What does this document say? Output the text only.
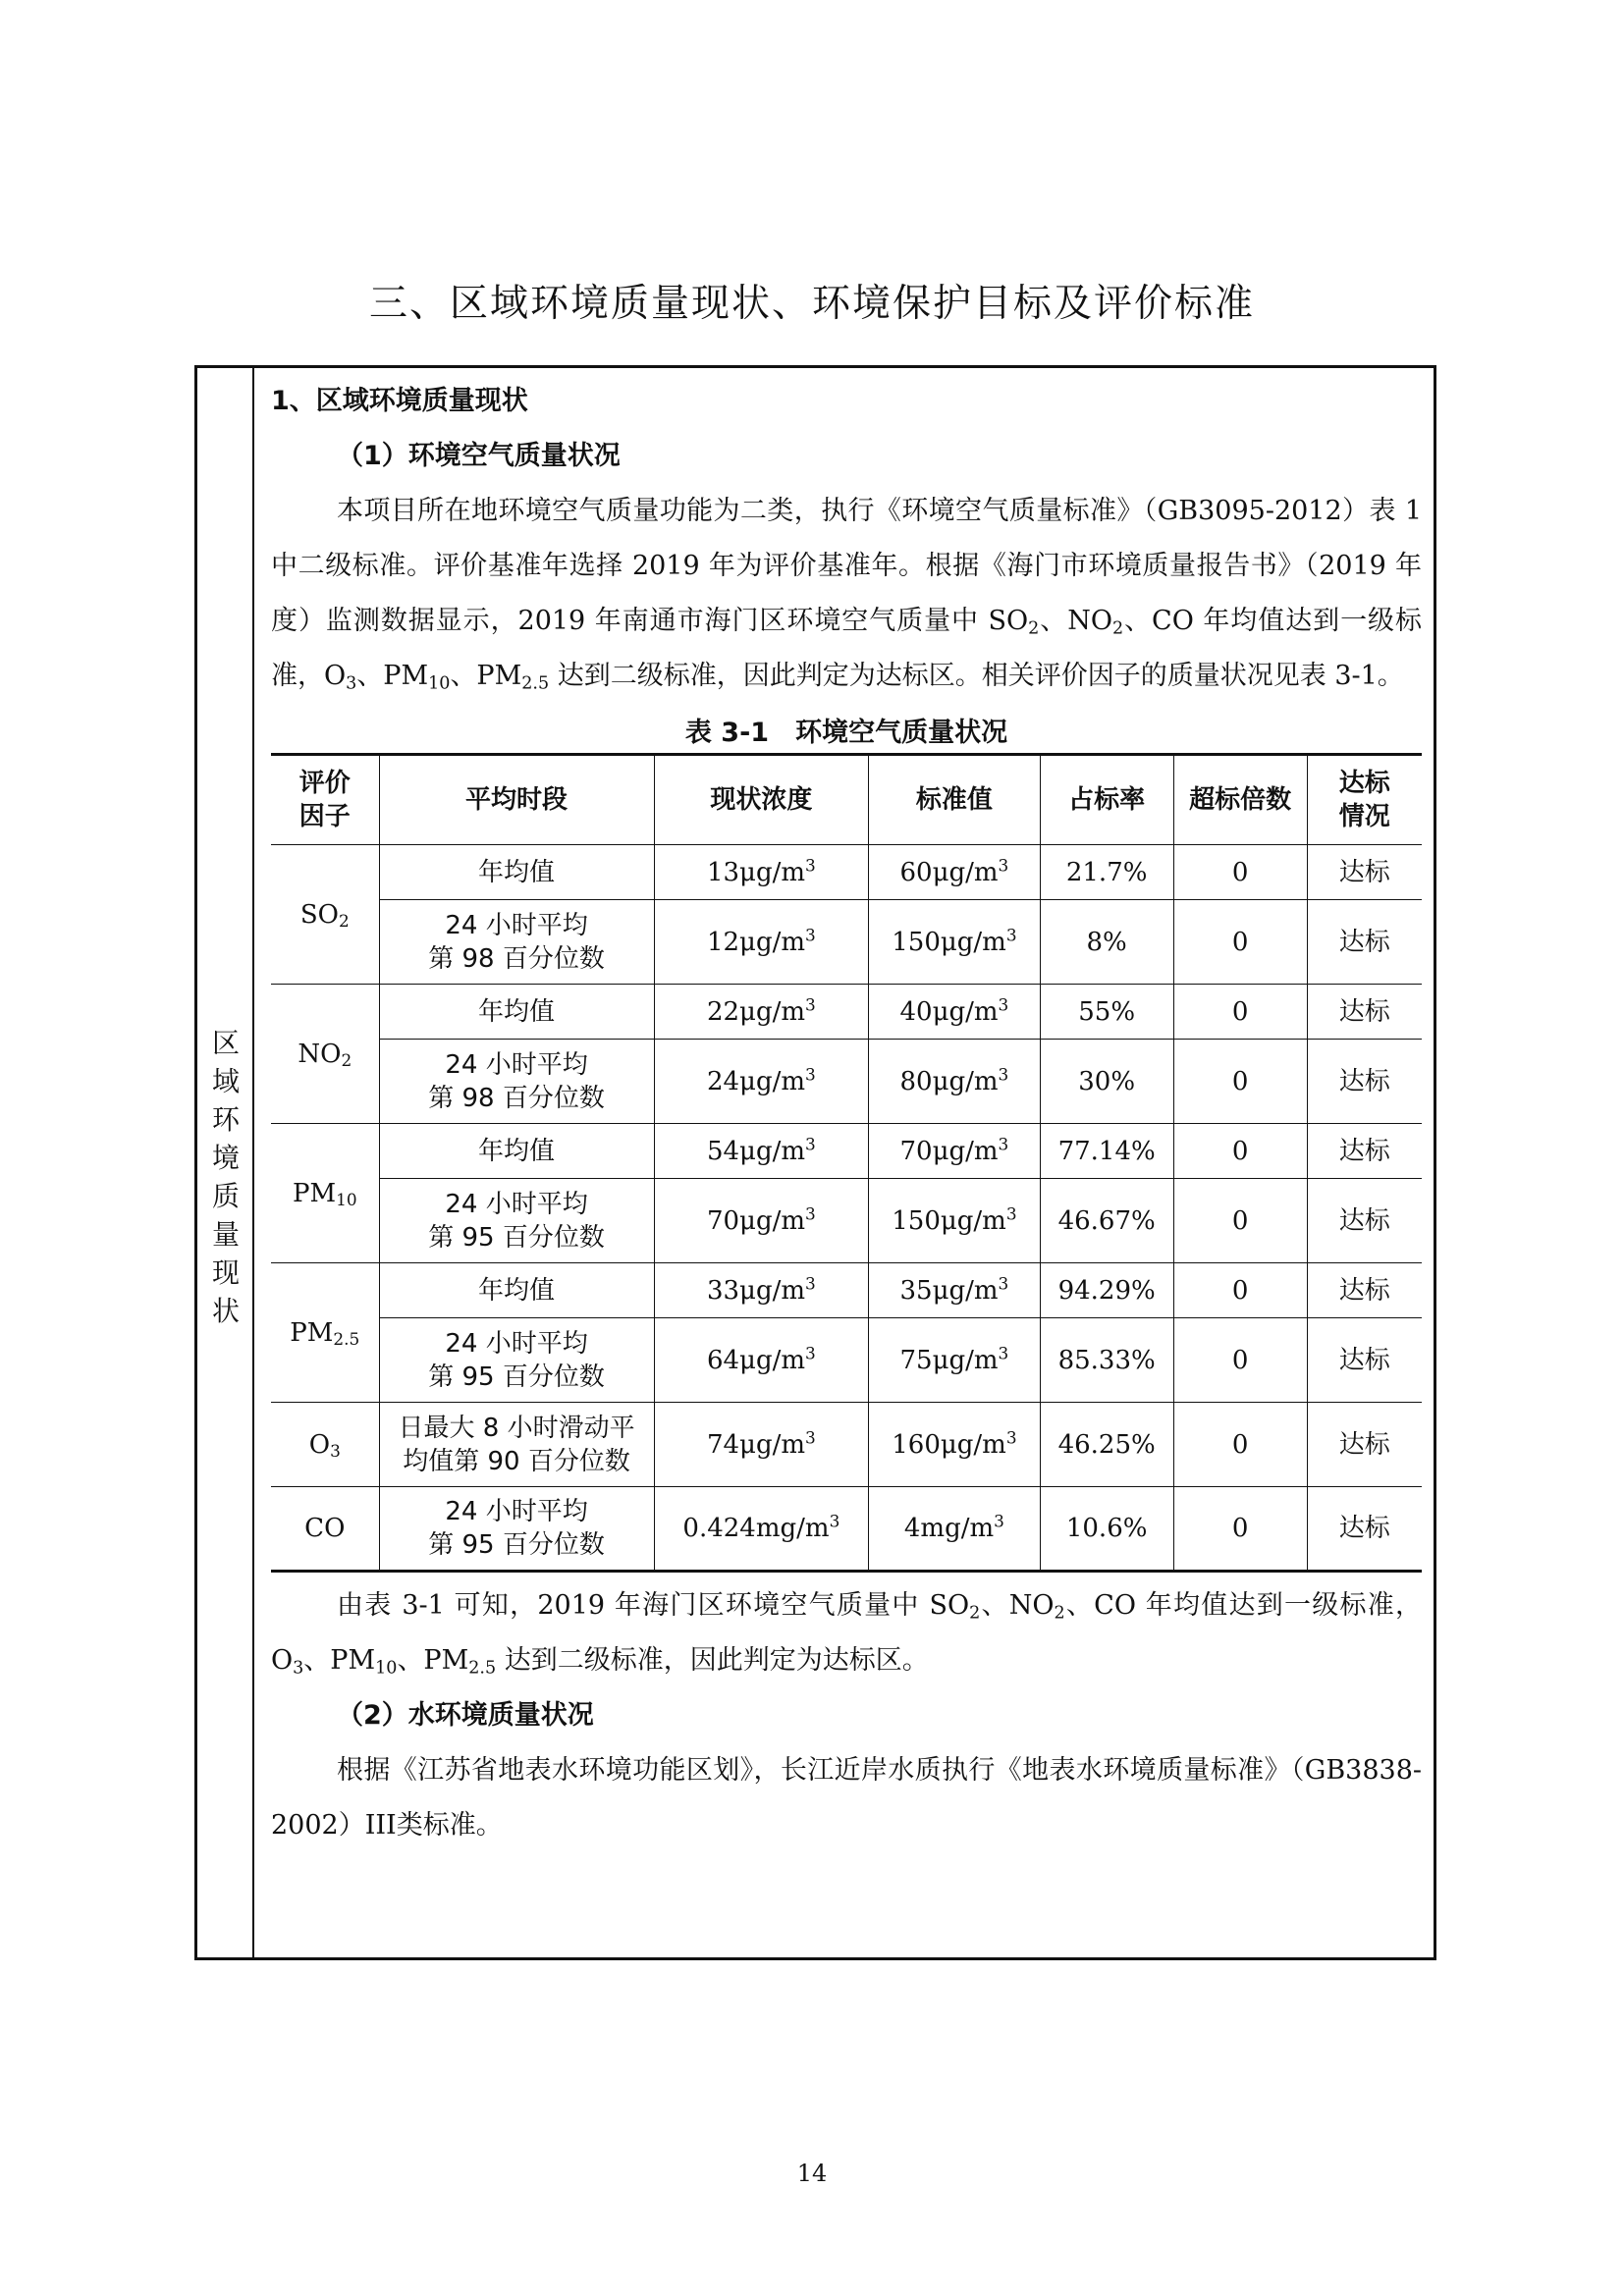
三、区域环境质量现状、环境保护目标及评价标准
区
域
环
境
质
量
现
状
1、区域环境质量现状
（1）环境空气质量状况

本项目所在地环境空气质量功能为二类，执行《环境空气质量标准》（GB3095-2012）表 1 中二级标准。评价基准年选择 2019 年为评价基准年。根据《海门市环境质量报告书》（2019 年度）监测数据显示，2019 年南通市海门区环境空气质量中 $SO_2$、$NO_2$、CO 年均值达到一级标准，$O_3$、$PM_{10}$、$PM_{2.5}$ 达到二级标准，因此判定为达标区。相关评价因子的质量状况见表 3-1。

表 3-1　环境空气质量状况
评价
因子	平均时段	现状浓度	标准值	占标率	超标倍数	达标
情况
$SO_2$	年均值	$13\mu g/m^3$	$60\mu g/m^3$	21.7%	0	达标
	24 小时平均
第 98 百分位数	$12\mu g/m^3$	$150\mu g/m^3$	8%	0	达标
$NO_2$	年均值	$22\mu g/m^3$	$40\mu g/m^3$	55%	0	达标
	24 小时平均
第 98 百分位数	$24\mu g/m^3$	$80\mu g/m^3$	30%	0	达标
$PM_{10}$	年均值	$54\mu g/m^3$	$70\mu g/m^3$	77.14%	0	达标
	24 小时平均
第 95 百分位数	$70\mu g/m^3$	$150\mu g/m^3$	46.67%	0	达标
$PM_{2.5}$	年均值	$33\mu g/m^3$	$35\mu g/m^3$	94.29%	0	达标
	24 小时平均
第 95 百分位数	$64\mu g/m^3$	$75\mu g/m^3$	85.33%	0	达标
$O_3$	日最大 8 小时滑动平
均值第 90 百分位数	$74\mu g/m^3$	$160\mu g/m^3$	46.25%	0	达标
CO	24 小时平均
第 95 百分位数	$0.424mg/m^3$	$4mg/m^3$	10.6%	0	达标

由表 3-1 可知，2019 年海门区环境空气质量中 $SO_2$、$NO_2$、CO 年均值达到一级标准，$O_3$、$PM_{10}$、$PM_{2.5}$ 达到二级标准，因此判定为达标区。

（2）水环境质量状况

根据《江苏省地表水环境功能区划》，长江近岸水质执行《地表水环境质量标准》（GB3838-2002）III类标准。

14
